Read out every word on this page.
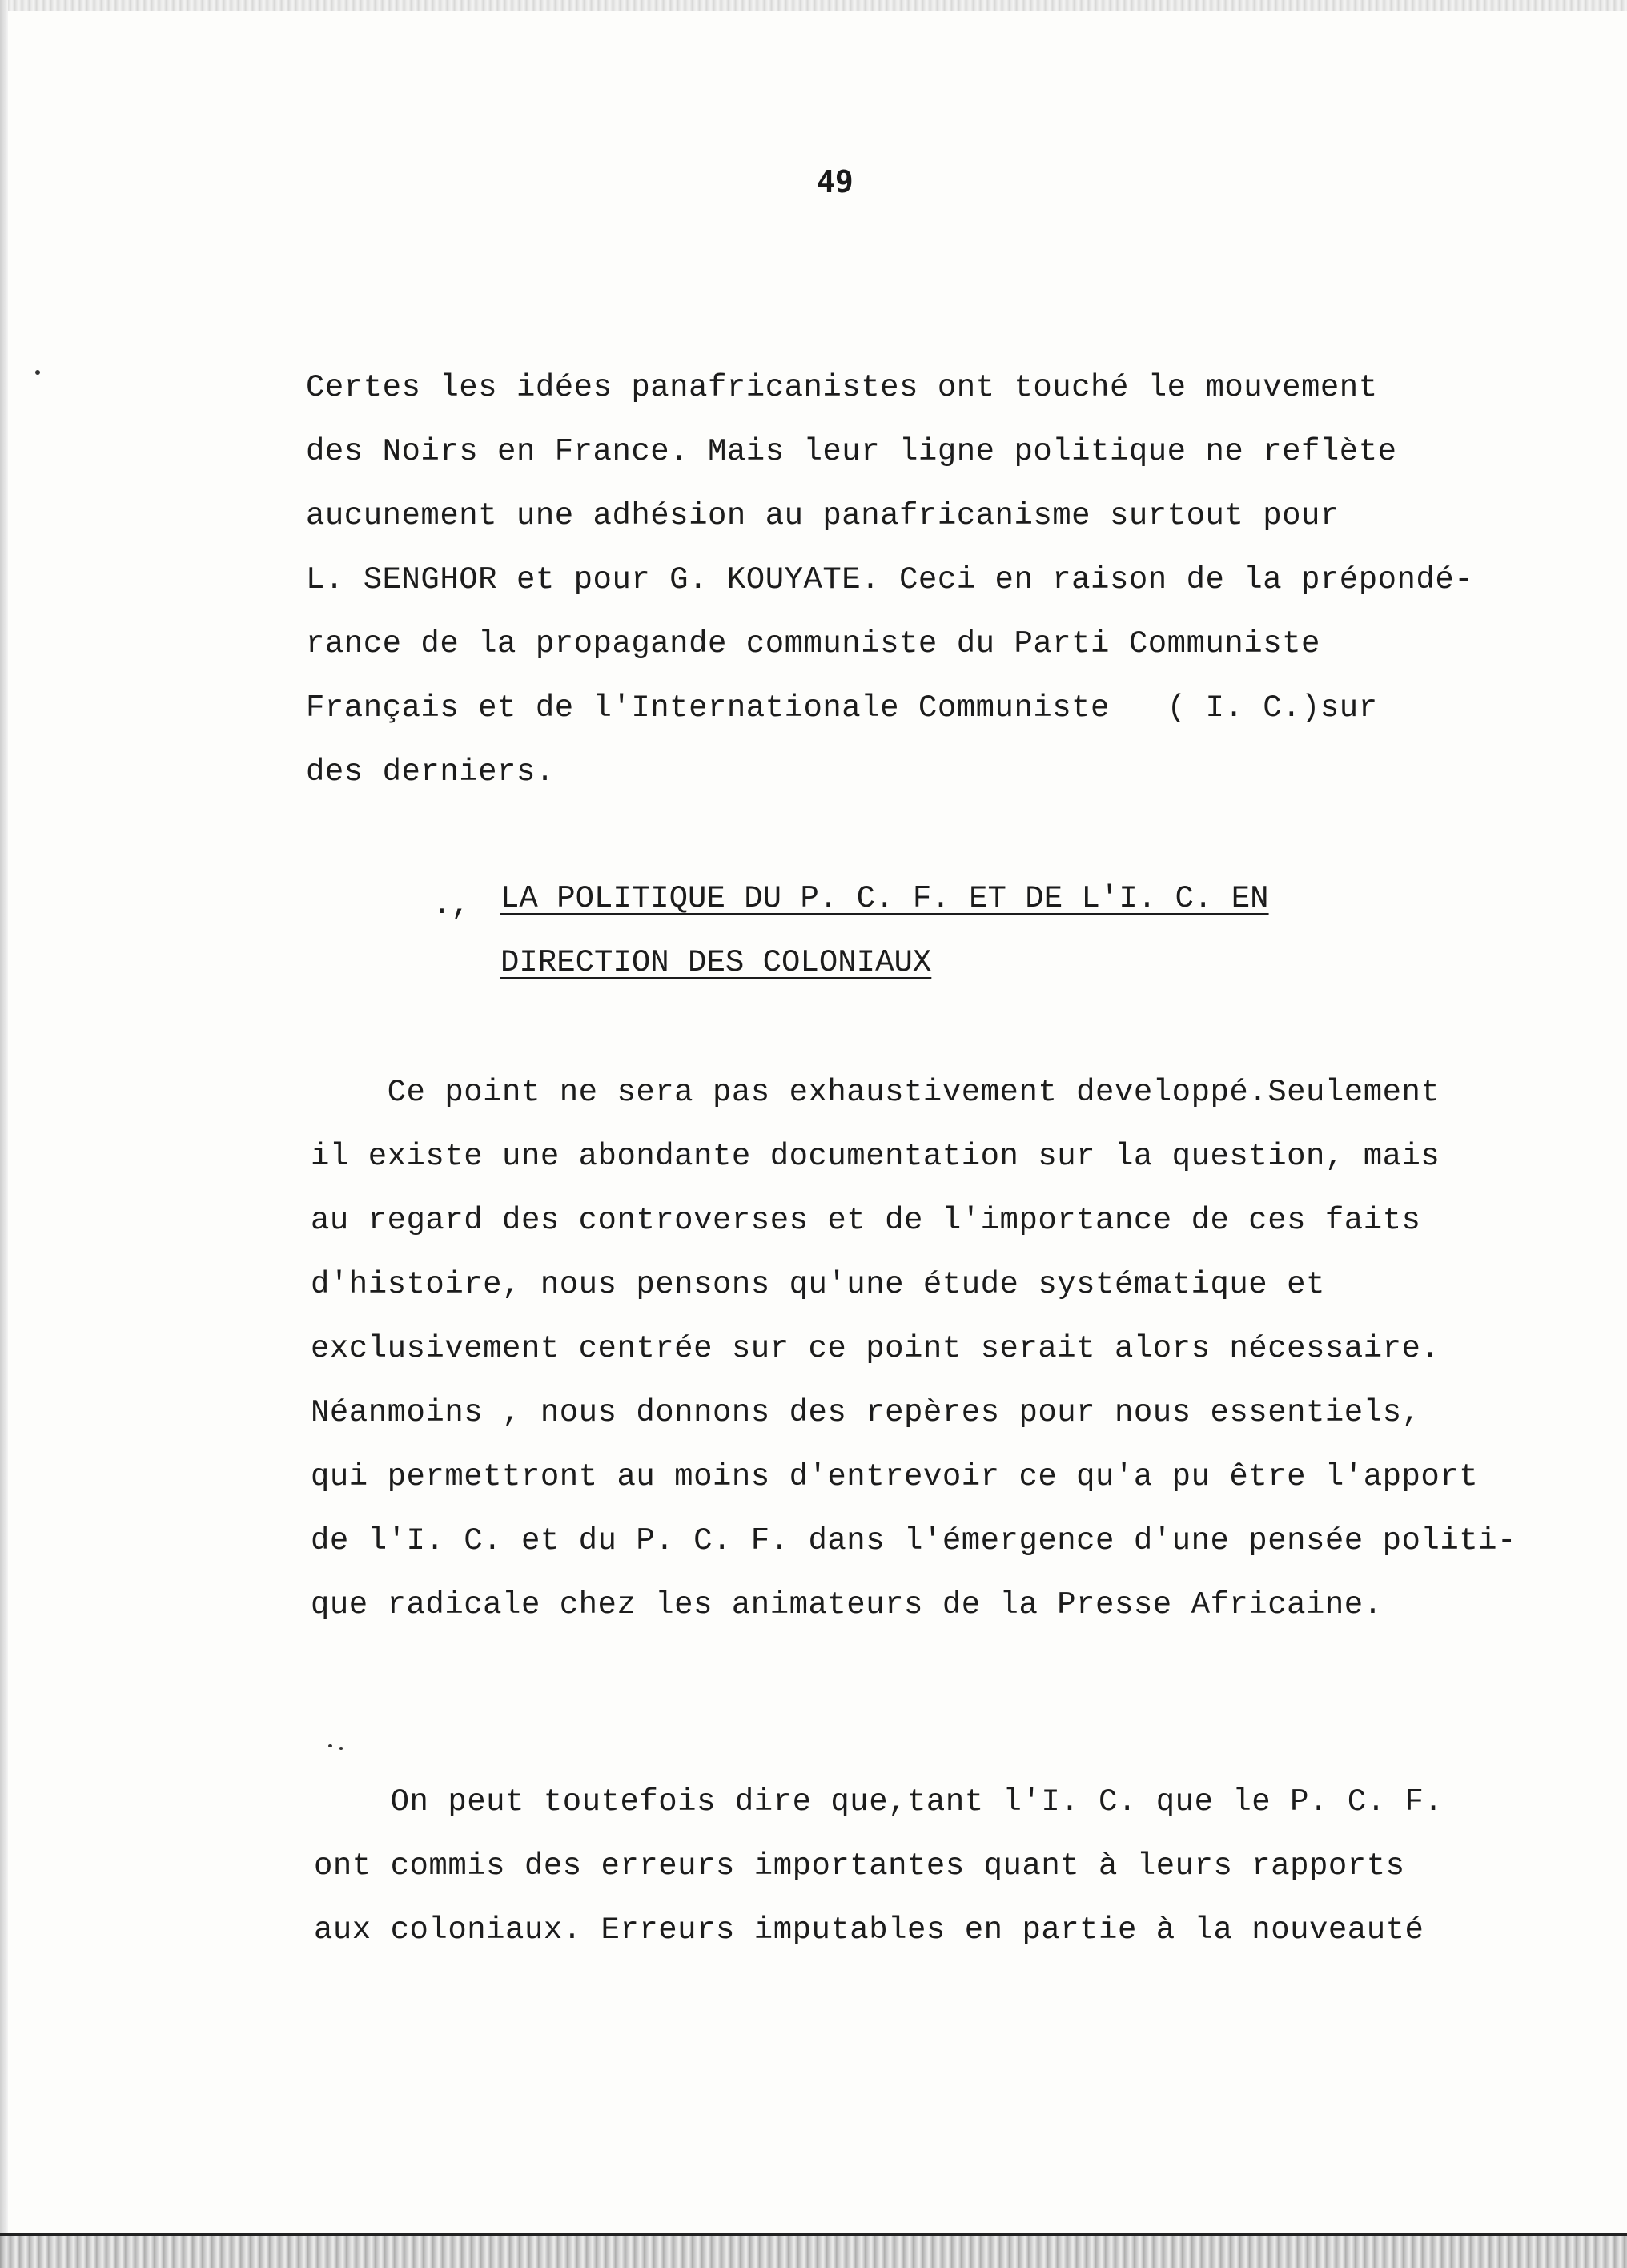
49
Certes les idées panafricanistes ont touché le mouvement
des Noirs en France. Mais leur ligne politique ne reflète
aucunement une adhésion au panafricanisme surtout pour
L. SENGHOR et pour G. KOUYATE. Ceci en raison de la prépondé-
rance de la propagande communiste du Parti Communiste
Français et de l'Internationale Communiste   ( I. C.)sur
des derniers.
., LA POLITIQUE DU P. C. F. ET DE L'I. C. EN
DIRECTION DES COLONIAUX
Ce point ne sera pas exhaustivement developpé.Seulement
il existe une abondante documentation sur la question, mais
au regard des controverses et de l'importance de ces faits
d'histoire, nous pensons qu'une étude systématique et
exclusivement centrée sur ce point serait alors nécessaire.
Néanmoins , nous donnons des repères pour nous essentiels,
qui permettront au moins d'entrevoir ce qu'a pu être l'apport
de l'I. C. et du P. C. F. dans l'émergence d'une pensée politi-
que radicale chez les animateurs de la Presse Africaine.
On peut toutefois dire que,tant l'I. C. que le P. C. F.
ont commis des erreurs importantes quant à leurs rapports
aux coloniaux. Erreurs imputables en partie à la nouveauté
